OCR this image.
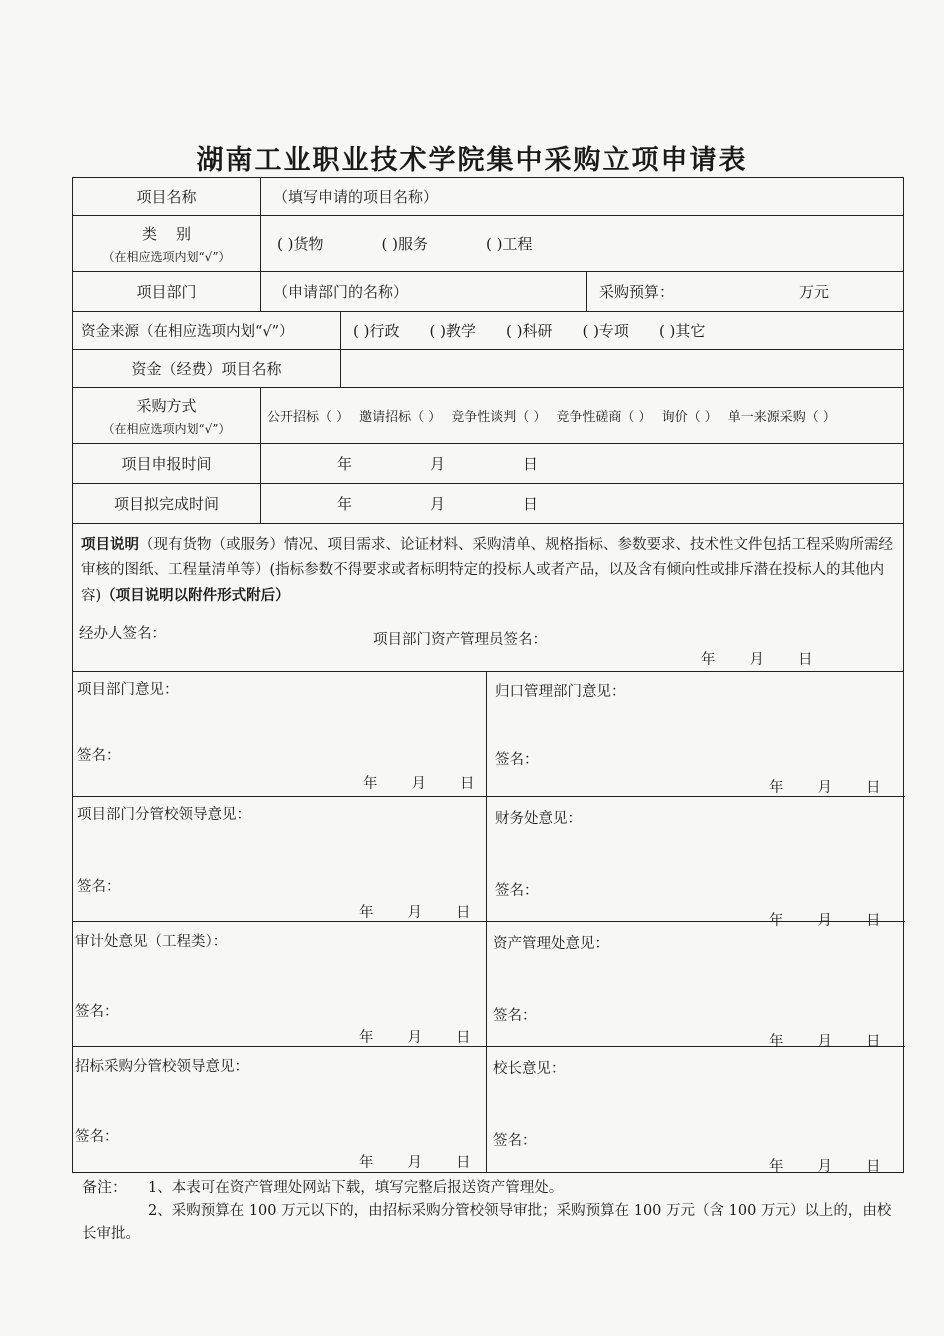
湖南工业职业技术学院集中采购立项申请表
项目名称	（填写申请的项目名称）
类    别
（在相应选项内划“√”）
( )货物	( )服务	( )工程
项目部门	（申请部门的名称）	采购预算：	万元
资金来源（在相应选项内划“√”）	( )行政 ( )教学 ( )科研 ( )专项 ( )其它
资金（经费）项目名称
采购方式
（在相应选项内划“√”）
公开招标（ ） 邀请招标（ ） 竞争性谈判（ ） 竞争性磋商（ ） 询价（ ） 单一来源采购（ ）
项目申报时间	年	月	日
项目拟完成时间	年	月	日
项目说明（现有货物（或服务）情况、项目需求、论证材料、采购清单、规格指标、参数要求、技术性文件包括工程采购所需经审核的图纸、工程量清单等）(指标参数不得要求或者标明特定的投标人或者产品，以及含有倾向性或排斥潜在投标人的其他内容)（项目说明以附件形式附后）
经办人签名：	项目部门资产管理员签名：
年 月 日
项目部门意见：
签名：
年 月 日
归口管理部门意见：
签名：
年 月 日
项目部门分管校领导意见：
签名：
年 月 日
财务处意见：
签名：
年 月 日
审计处意见（工程类）：
签名：
年 月 日
资产管理处意见：
签名：
年 月 日
招标采购分管校领导意见：
签名：
年 月 日
校长意见：
签名：
年 月 日
备注： 1、本表可在资产管理处网站下载，填写完整后报送资产管理处。
2、采购预算在 100 万元以下的，由招标采购分管校领导审批；采购预算在 100 万元（含 100 万元）以上的，由校长审批。
